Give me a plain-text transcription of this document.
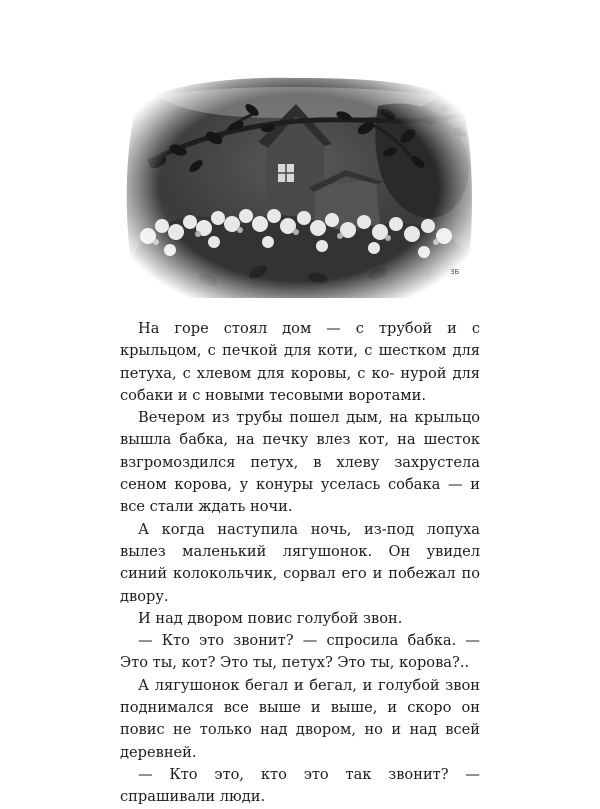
ЗБ

На горе стоял дом — с трубой и с крыльцом, с печкой для коти, с шестком для петуха, с хлевом для коровы, с ко- нурой для собаки и с новыми тесовыми воротами.

Вечером из трубы пошел дым, на крыльцо вышла бабка, на печку влез кот, на шесток взгромоздился петух, в хлеву захрустела сеном корова, у конуры уселась собака — и все стали ждать ночи.

А когда наступила ночь, из-под лопуха вылез маленький лягушонок. Он увидел синий колокольчик, сорвал его и побежал по двору.

И над двором повис голубой звон.

— Кто это звонит? — спросила бабка. — Это ты, кот? Это ты, петух? Это ты, корова?..

А лягушонок бегал и бегал, и голубой звон поднимался все выше и выше, и скоро он повис не только над двором, но и над всей деревней.

— Кто это, кто это так звонит? — спрашивали люди.
